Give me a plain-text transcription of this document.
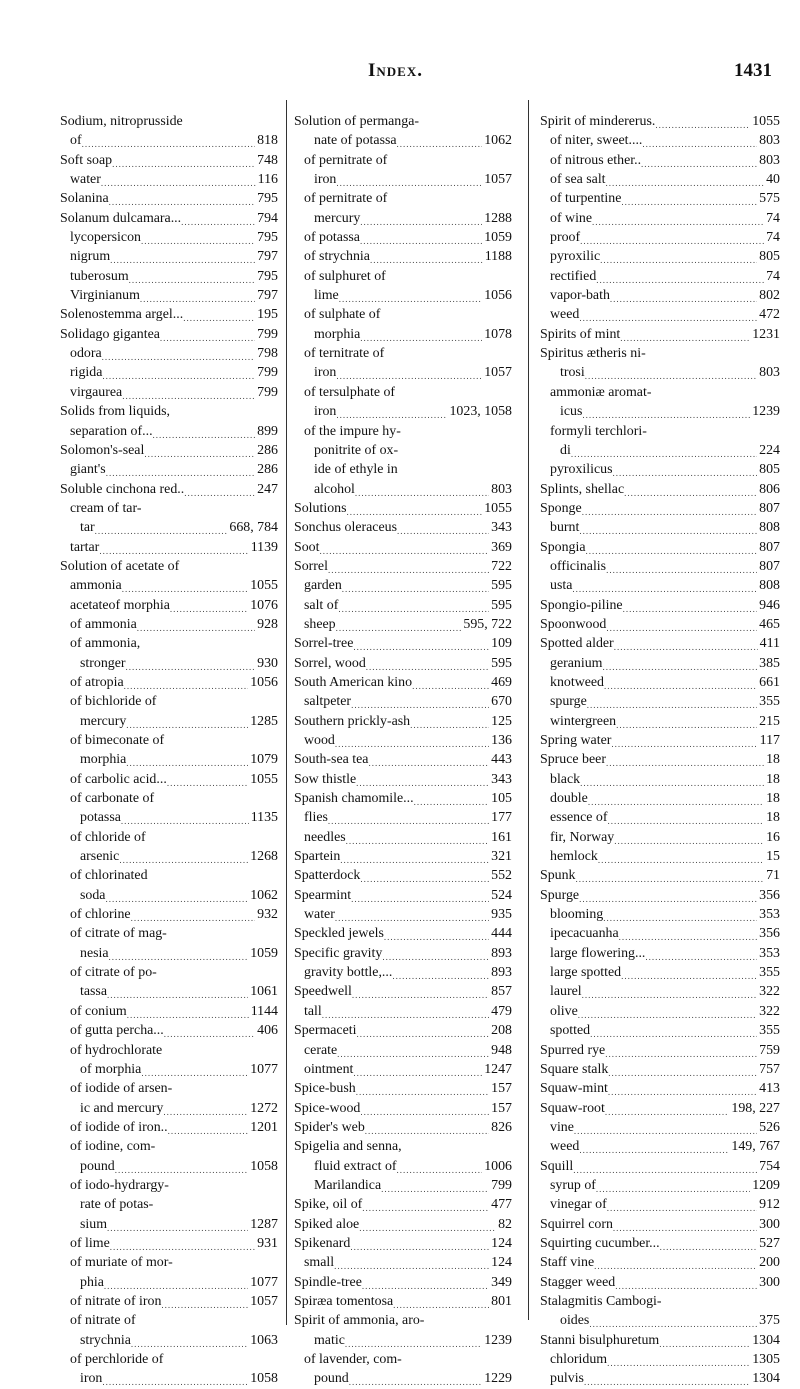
Index.	1431
Sodium, nitroprusside
of .....	818
Soft soap .....	748
water .....	116
Solanina .....	795
Solanum dulcamara... .....	794
lycopersicon .....	795
nigrum .....	797
tuberosum .....	795
Virginianum .....	797
Solenostemma argel... .....	195
Solidago gigantea .....	799
odora .....	798
rigida .....	799
virgaurea .....	799
Solids from liquids,
separation of... .....	899
Solomon's-seal .....	286
giant's .....	286
Soluble cinchona red.. .....	247
cream of tar-
tar .....	668, 784
tartar .....	1139
Solution of acetate of
ammonia .....	1055
acetateof morphia .....	1076
of ammonia .....	928
of ammonia,
stronger .....	930
of atropia .....	1056
of bichloride of
mercury .....	1285
of bimeconate of
morphia .....	1079
of carbolic acid... .....	1055
of carbonate of
potassa .....	1135
of chloride of
arsenic .....	1268
of chlorinated
soda .....	1062
of chlorine .....	932
of citrate of mag-
nesia .....	1059
of citrate of po-
tassa .....	1061
of conium .....	1144
of gutta percha... .....	406
of hydrochlorate
of morphia .....	1077
of iodide of arsen-
ic and mercury .....	1272
of iodide of iron.. .....	1201
of iodine, com-
pound .....	1058
of iodo-hydrargy-
rate of potas-
sium .....	1287
of lime .....	931
of muriate of mor-
phia .....	1077
of nitrate of iron .....	1057
of nitrate of
strychnia .....	1063
of perchloride of
iron .....	1058
Solution of permanga-
nate of potassa .....	1062
of pernitrate of
iron .....	1057
of pernitrate of
mercury .....	1288
of potassa .....	1059
of strychnia .....	1188
of sulphuret of
lime .....	1056
of sulphate of
morphia .....	1078
of ternitrate of
iron .....	1057
of tersulphate of
iron .....	1023, 1058
of the impure hy-
ponitrite of ox-
ide of ethyle in
alcohol .....	803
Solutions .....	1055
Sonchus oleraceus .....	343
Soot .....	369
Sorrel .....	722
garden .....	595
salt of .....	595
sheep .....	595, 722
Sorrel-tree .....	109
Sorrel, wood .....	595
South American kino .....	469
saltpeter .....	670
Southern prickly-ash .....	125
wood .....	136
South-sea tea .....	443
Sow thistle .....	343
Spanish chamomile... .....	105
flies .....	177
needles .....	161
Spartein .....	321
Spatterdock .....	552
Spearmint .....	524
water .....	935
Speckled jewels .....	444
Specific gravity .....	893
gravity bottle,... .....	893
Speedwell .....	857
tall .....	479
Spermaceti .....	208
cerate .....	948
ointment .....	1247
Spice-bush .....	157
Spice-wood .....	157
Spider's web .....	826
Spigelia and senna,
fluid extract of .....	1006
Marilandica .....	799
Spike, oil of .....	477
Spiked aloe .....	82
Spikenard .....	124
small .....	124
Spindle-tree .....	349
Spiræa tomentosa .....	801
Spirit of ammonia, aro-
matic .....	1239
of lavender, com-
pound .....	1229
Spirit of mindererus. .....	1055
of niter, sweet.... .....	803
of nitrous ether.. .....	803
of sea salt .....	40
of turpentine .....	575
of wine .....	74
proof .....	74
pyroxilic .....	805
rectified .....	74
vapor-bath .....	802
weed .....	472
Spirits of mint .....	1231
Spiritus ætheris ni-
trosi .....	803
ammoniæ aromat-
icus .....	1239
formyli terchlori-
di .....	224
pyroxilicus .....	805
Splints, shellac .....	806
Sponge .....	807
burnt .....	808
Spongia .....	807
officinalis .....	807
usta .....	808
Spongio-piline .....	946
Spoonwood .....	465
Spotted alder .....	411
geranium .....	385
knotweed .....	661
spurge .....	355
wintergreen .....	215
Spring water .....	117
Spruce beer .....	18
black .....	18
double .....	18
essence of .....	18
fir, Norway .....	16
hemlock .....	15
Spunk .....	71
Spurge .....	356
blooming .....	353
ipecacuanha .....	356
large flowering... .....	353
large spotted .....	355
laurel .....	322
olive .....	322
spotted .....	355
Spurred rye .....	759
Square stalk .....	757
Squaw-mint .....	413
Squaw-root .....	198, 227
vine .....	526
weed .....	149, 767
Squill .....	754
syrup of .....	1209
vinegar of .....	912
Squirrel corn .....	300
Squirting cucumber... .....	527
Staff vine .....	200
Stagger weed .....	300
Stalagmitis Cambogi-
oides .....	375
Stanni bisulphuretum .....	1304
chloridum .....	1305
pulvis .....	1304
